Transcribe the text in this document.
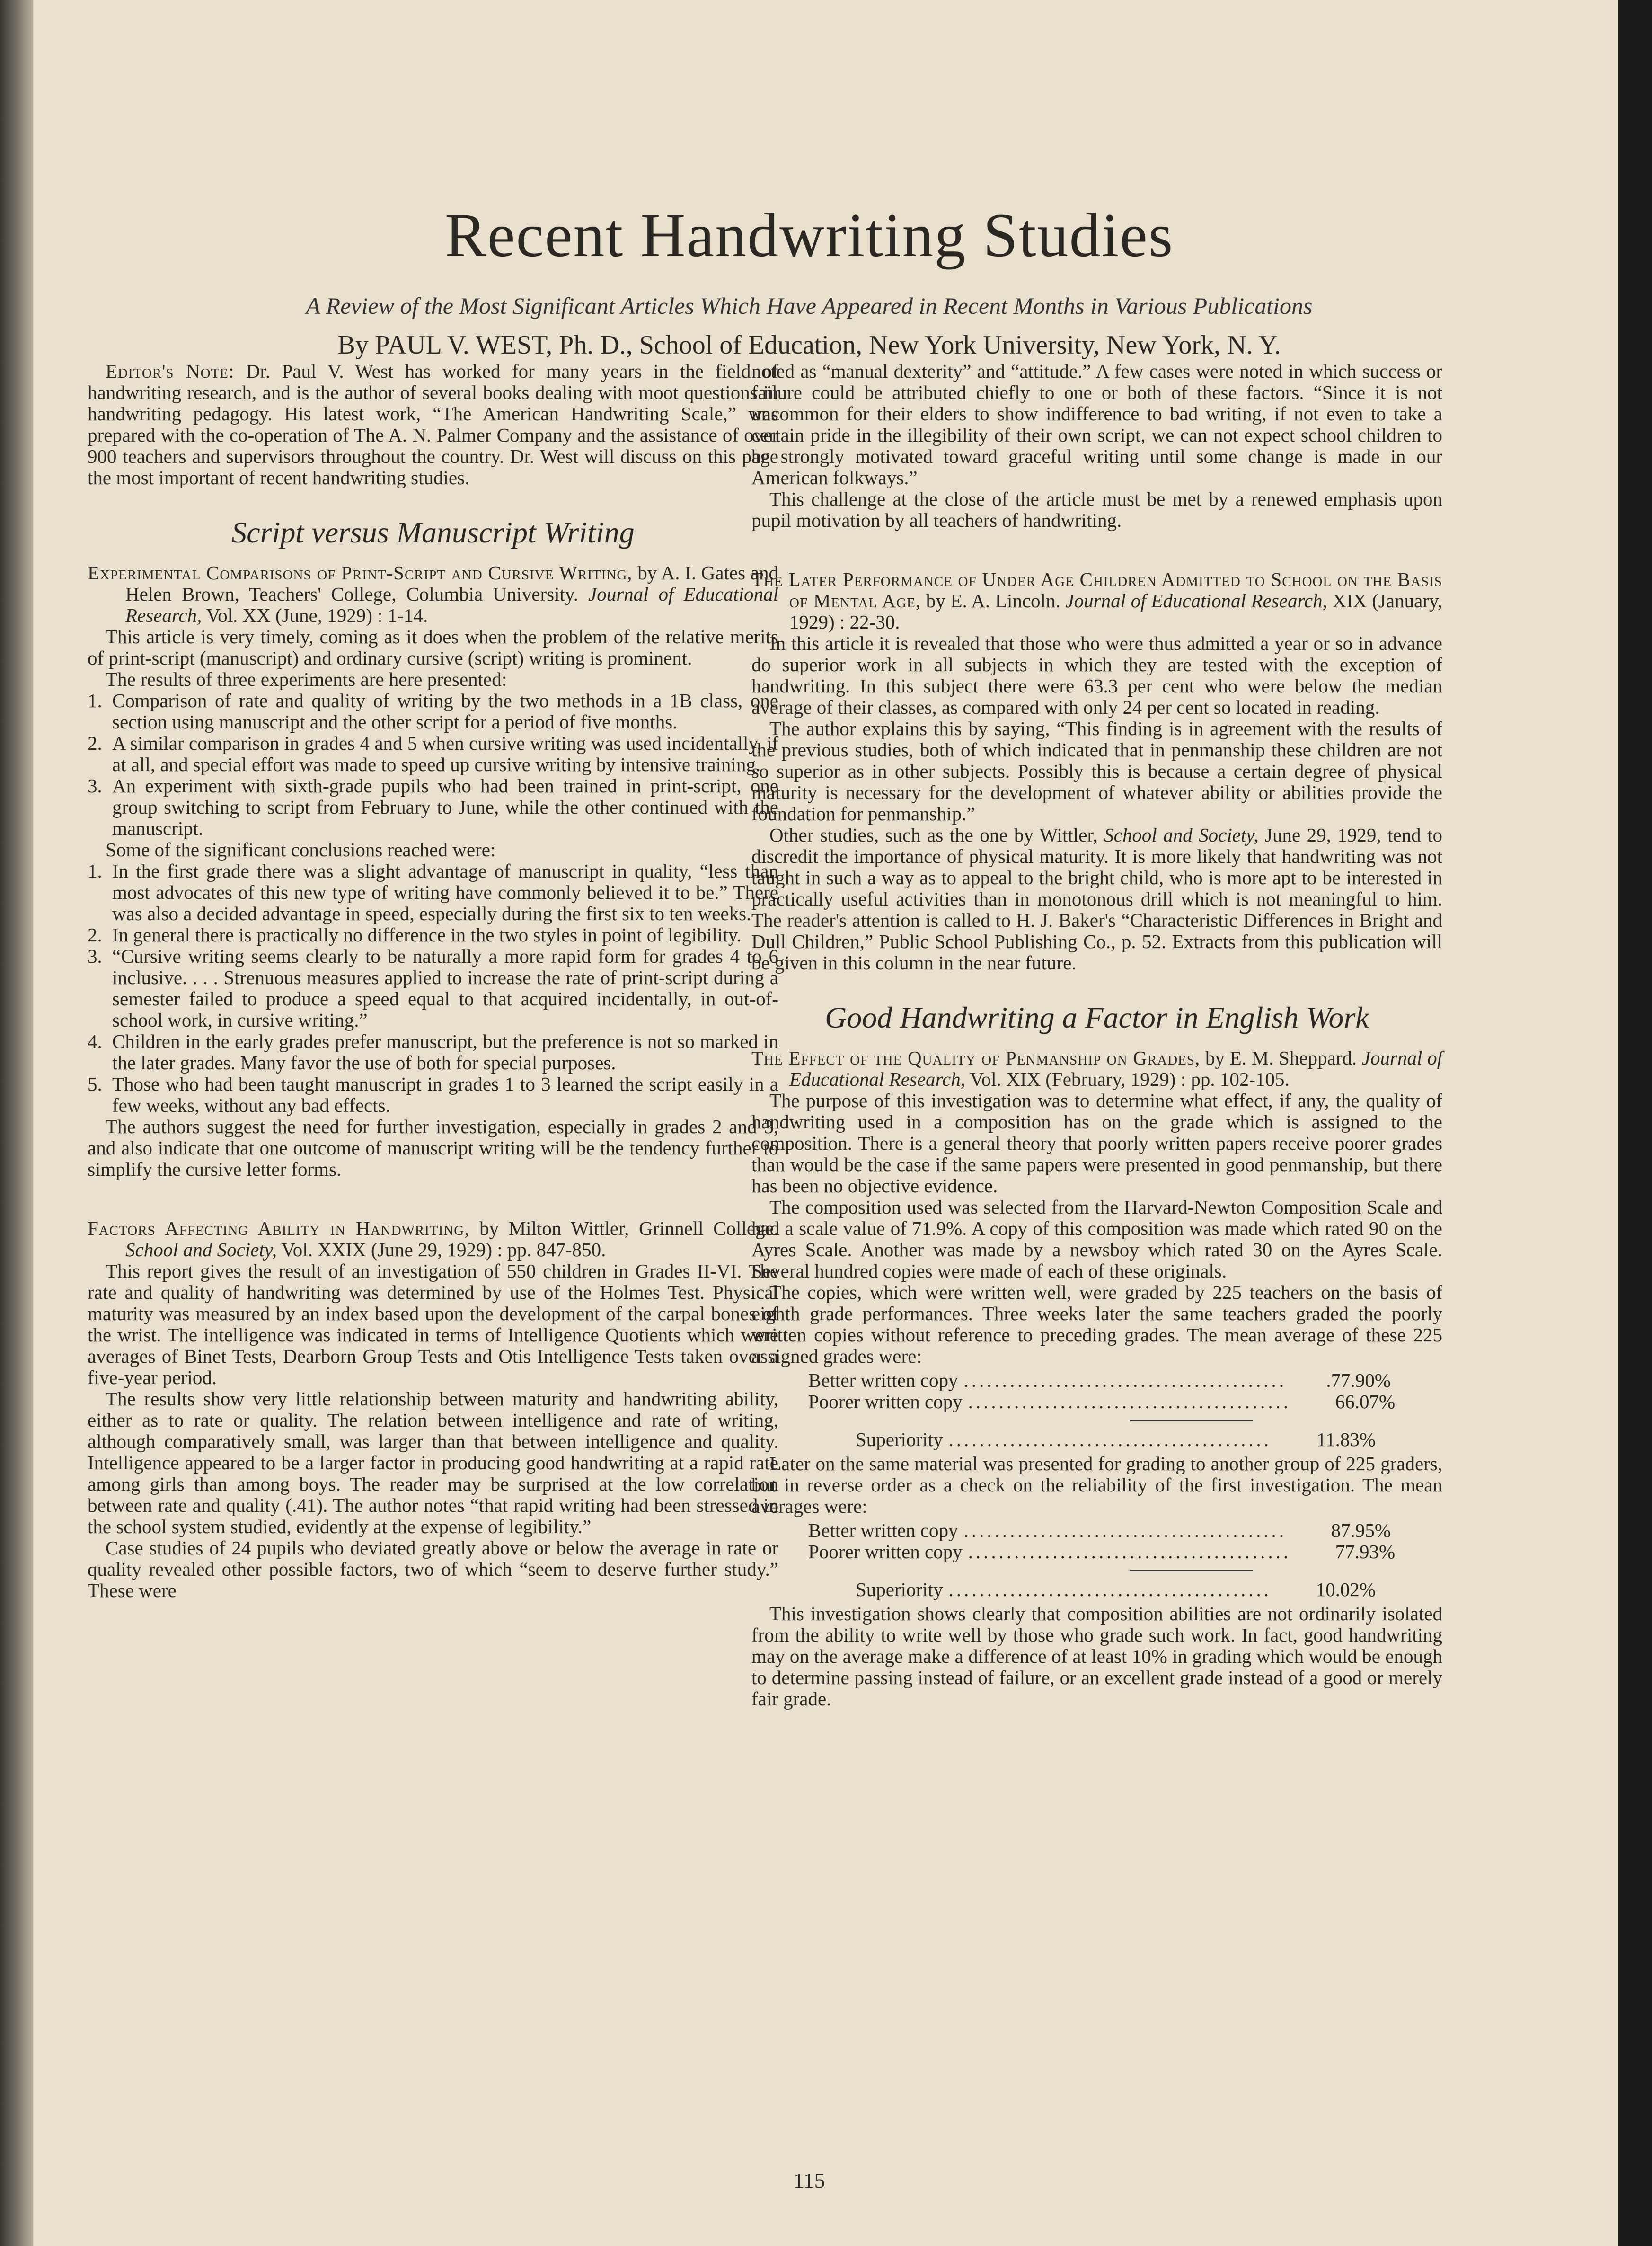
Recent Handwriting Studies
A Review of the Most Significant Articles Which Have Appeared in Recent Months in Various Publications
By PAUL V. WEST, Ph. D., School of Education, New York University, New York, N. Y.

Editor's Note: Dr. Paul V. West has worked for many years in the field of handwriting research, and is the author of several books dealing with moot questions in handwriting pedagogy. His latest work, “The American Handwriting Scale,” was prepared with the co-operation of The A. N. Palmer Company and the assistance of over 900 teachers and supervisors throughout the country. Dr. West will discuss on this page the most important of recent handwriting studies.

Script versus Manuscript Writing

Experimental Comparisons of Print-Script and Cursive Writing, by A. I. Gates and Helen Brown, Teachers' College, Columbia University. Journal of Educational Research, Vol. XX (June, 1929) : 1-14.

This article is very timely, coming as it does when the problem of the relative merits of print-script (manuscript) and ordinary cursive (script) writing is prominent.

The results of three experiments are here presented:

1. Comparison of rate and quality of writing by the two methods in a 1B class, one section using manuscript and the other script for a period of five months.
2. A similar comparison in grades 4 and 5 when cursive writing was used incidentally, if at all, and special effort was made to speed up cursive writing by intensive training.
3. An experiment with sixth-grade pupils who had been trained in print-script, one group switching to script from February to June, while the other continued with the manuscript.

Some of the significant conclusions reached were:

1. In the first grade there was a slight advantage of manuscript in quality, “less than most advocates of this new type of writing have commonly believed it to be.” There was also a decided advantage in speed, especially during the first six to ten weeks.
2. In general there is practically no difference in the two styles in point of legibility.
3. “Cursive writing seems clearly to be naturally a more rapid form for grades 4 to 6 inclusive. . . . Strenuous measures applied to increase the rate of print-script during a semester failed to produce a speed equal to that acquired incidentally, in out-of-school work, in cursive writing.”
4. Children in the early grades prefer manuscript, but the preference is not so marked in the later grades. Many favor the use of both for special purposes.
5. Those who had been taught manuscript in grades 1 to 3 learned the script easily in a few weeks, without any bad effects.

The authors suggest the need for further investigation, especially in grades 2 and 3, and also indicate that one outcome of manuscript writing will be the tendency further to simplify the cursive letter forms.

Factors Affecting Ability in Handwriting, by Milton Wittler, Grinnell College. School and Society, Vol. XXIX (June 29, 1929) : pp. 847-850.

This report gives the result of an investigation of 550 children in Grades II-VI. The rate and quality of handwriting was determined by use of the Holmes Test. Physical maturity was measured by an index based upon the development of the carpal bones of the wrist. The intelligence was indicated in terms of Intelligence Quotients which were averages of Binet Tests, Dearborn Group Tests and Otis Intelligence Tests taken over a five-year period.

The results show very little relationship between maturity and handwriting ability, either as to rate or quality. The relation between intelligence and rate of writing, although comparatively small, was larger than that between intelligence and quality. Intelligence appeared to be a larger factor in producing good handwriting at a rapid rate among girls than among boys. The reader may be surprised at the low correlation between rate and quality (.41). The author notes “that rapid writing had been stressed in the school system studied, evidently at the expense of legibility.”

Case studies of 24 pupils who deviated greatly above or below the average in rate or quality revealed other possible factors, two of which “seem to deserve further study.” These were

noted as “manual dexterity” and “attitude.” A few cases were noted in which success or failure could be attributed chiefly to one or both of these factors. “Since it is not uncommon for their elders to show indifference to bad writing, if not even to take a certain pride in the illegibility of their own script, we can not expect school children to be strongly motivated toward graceful writing until some change is made in our American folkways.”

This challenge at the close of the article must be met by a renewed emphasis upon pupil motivation by all teachers of handwriting.

The Later Performance of Under Age Children Admitted to School on the Basis of Mental Age, by E. A. Lincoln. Journal of Educational Research, XIX (January, 1929) : 22-30.

In this article it is revealed that those who were thus admitted a year or so in advance do superior work in all subjects in which they are tested with the exception of handwriting. In this subject there were 63.3 per cent who were below the median average of their classes, as compared with only 24 per cent so located in reading.

The author explains this by saying, “This finding is in agreement with the results of the previous studies, both of which indicated that in penmanship these children are not so superior as in other subjects. Possibly this is because a certain degree of physical maturity is necessary for the development of whatever ability or abilities provide the foundation for penmanship.”

Other studies, such as the one by Wittler, School and Society, June 29, 1929, tend to discredit the importance of physical maturity. It is more likely that handwriting was not taught in such a way as to appeal to the bright child, who is more apt to be interested in practically useful activities than in monotonous drill which is not meaningful to him. The reader's attention is called to H. J. Baker's “Characteristic Differences in Bright and Dull Children,” Public School Publishing Co., p. 52. Extracts from this publication will be given in this column in the near future.

Good Handwriting a Factor in English Work

The Effect of the Quality of Penmanship on Grades, by E. M. Sheppard. Journal of Educational Research, Vol. XIX (February, 1929) : pp. 102-105.

The purpose of this investigation was to determine what effect, if any, the quality of handwriting used in a composition has on the grade which is assigned to the composition. There is a general theory that poorly written papers receive poorer grades than would be the case if the same papers were presented in good penmanship, but there has been no objective evidence.

The composition used was selected from the Harvard-Newton Composition Scale and had a scale value of 71.9%. A copy of this composition was made which rated 90 on the Ayres Scale. Another was made by a newsboy which rated 30 on the Ayres Scale. Several hundred copies were made of each of these originals.

The copies, which were written well, were graded by 225 teachers on the basis of eighth grade performances. Three weeks later the same teachers graded the poorly written copies without reference to preceding grades. The mean average of these 225 assigned grades were:

Better written copy ..........................................	.77.90%
Poorer written copy ..........................................	66.07%
Superiority ..........................................	11.83%

Later on the same material was presented for grading to another group of 225 graders, but in reverse order as a check on the reliability of the first investigation. The mean averages were:

Better written copy ..........................................	87.95%
Poorer written copy ..........................................	77.93%
Superiority ..........................................	10.02%

This investigation shows clearly that composition abilities are not ordinarily isolated from the ability to write well by those who grade such work. In fact, good handwriting may on the average make a difference of at least 10% in grading which would be enough to determine passing instead of failure, or an excellent grade instead of a good or merely fair grade.

115
